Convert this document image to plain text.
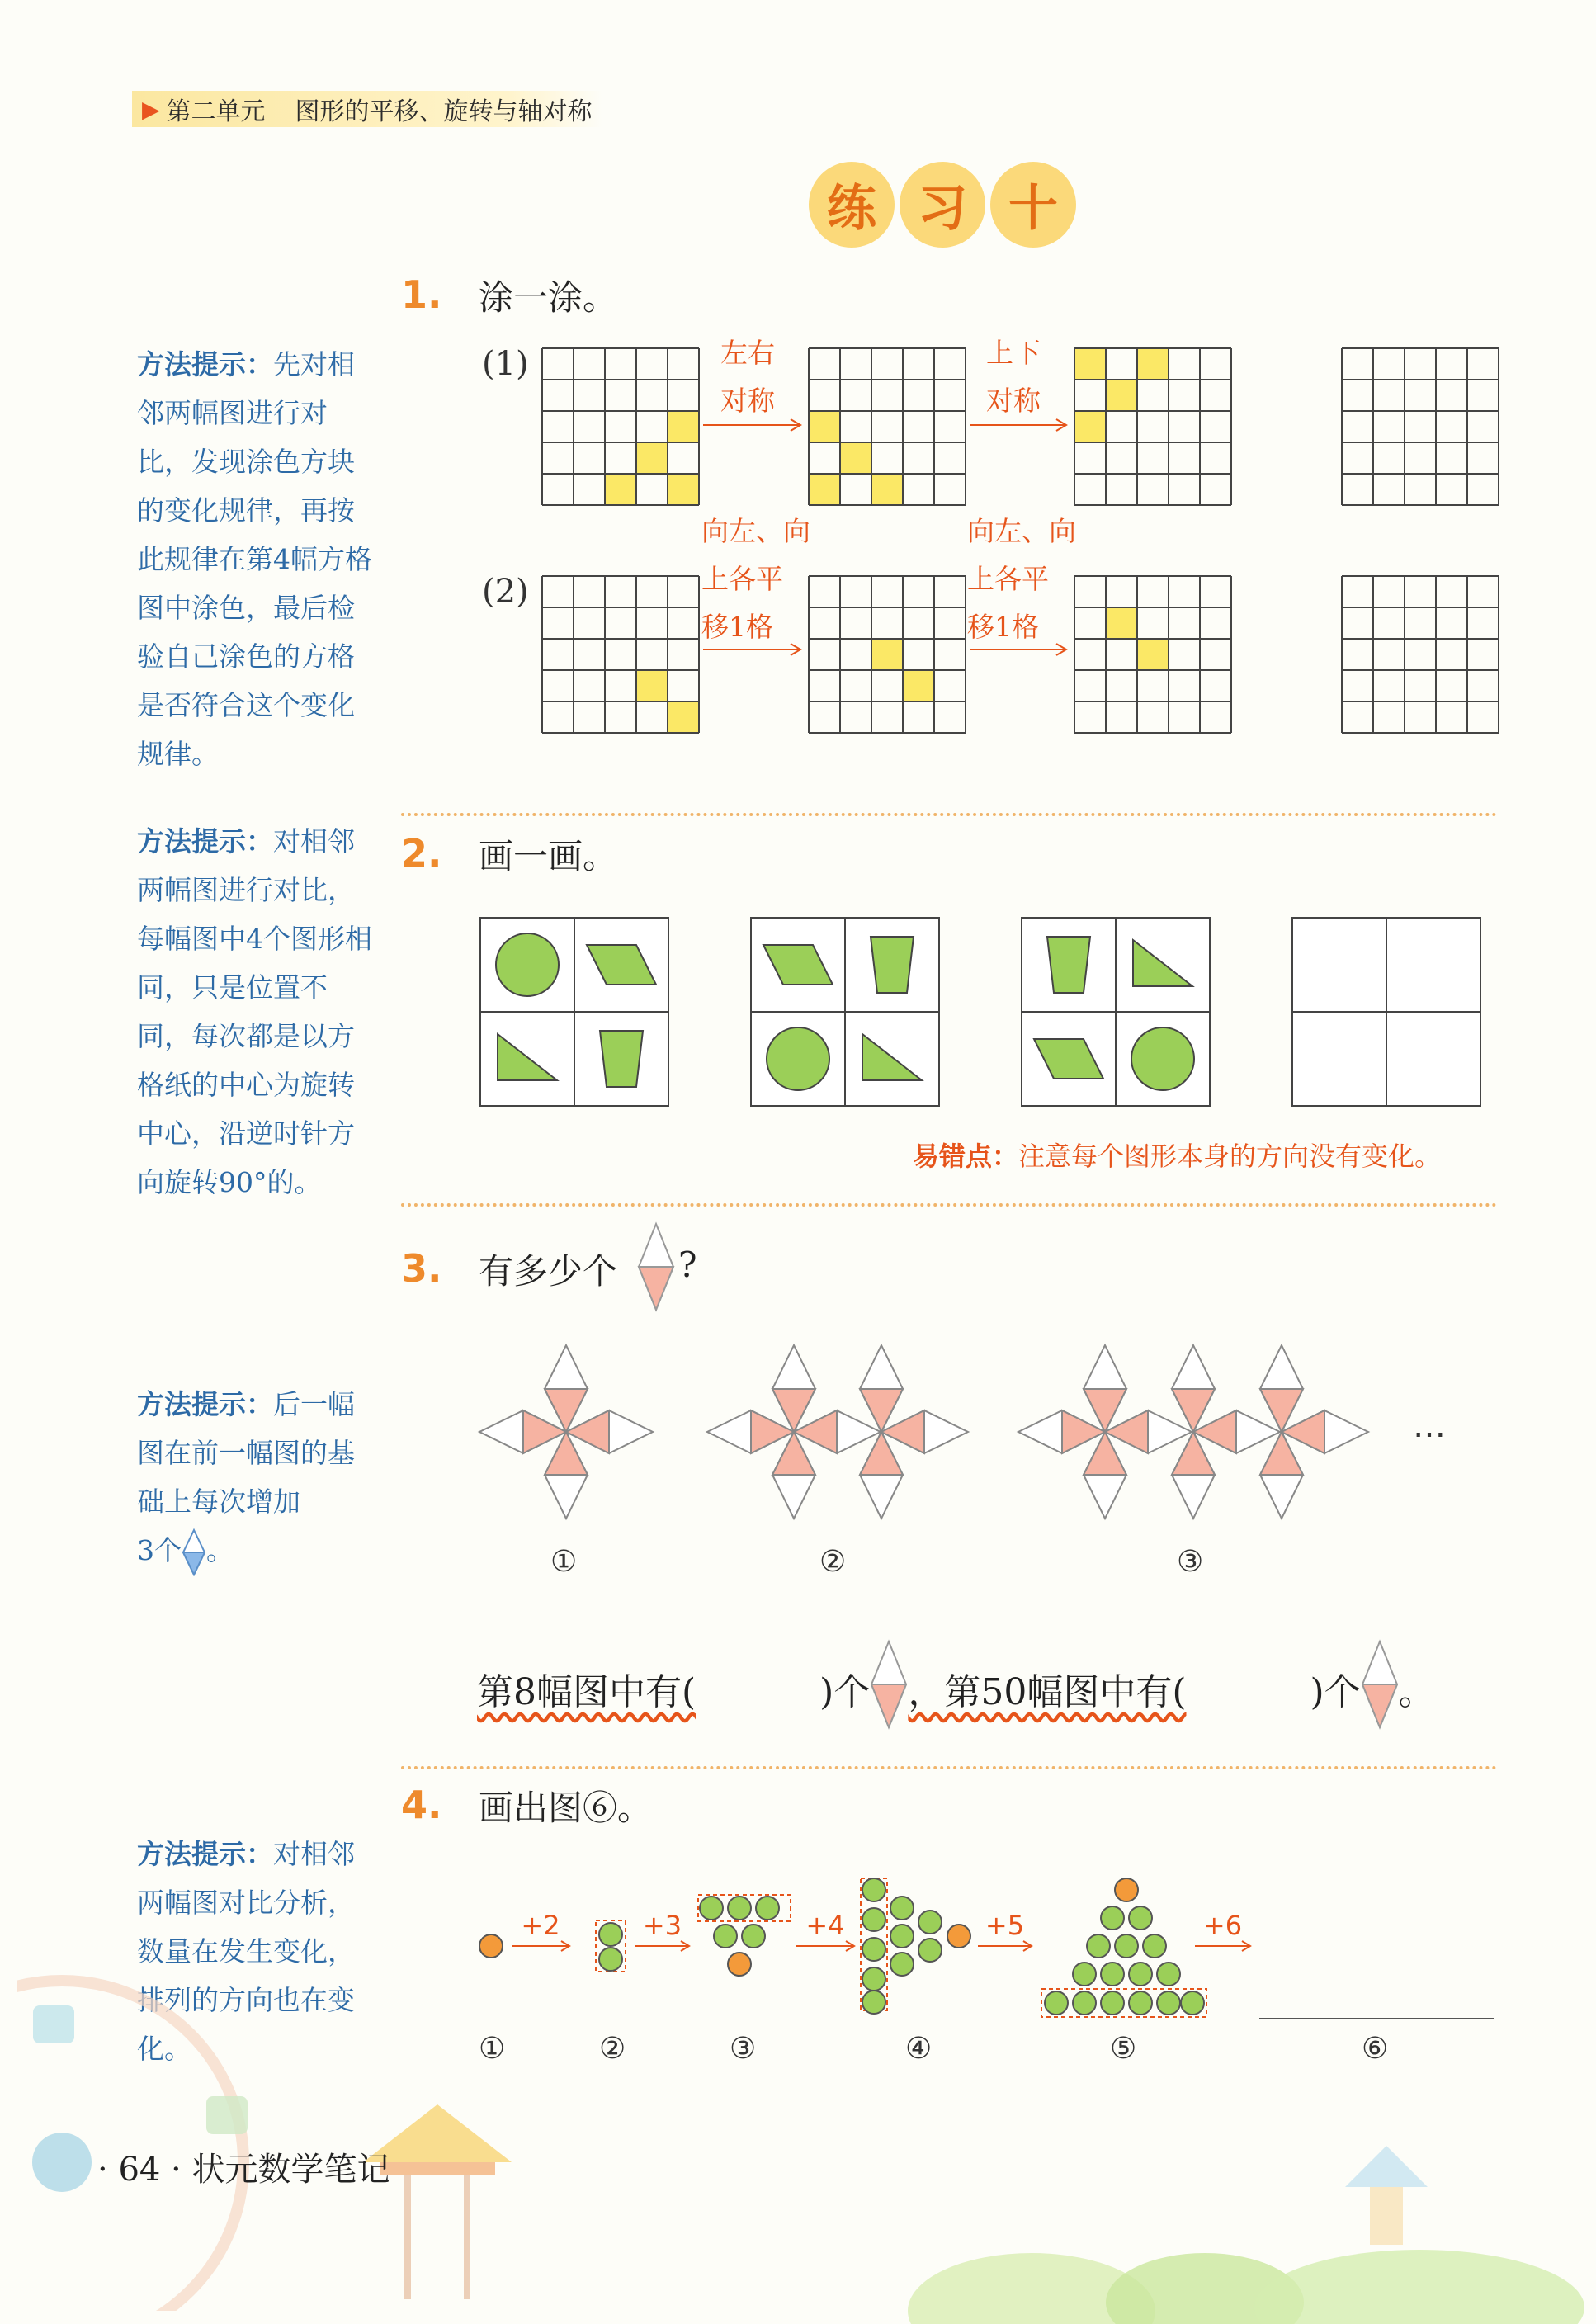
▶ 第二单元 图形的平移、旋转与轴对称
练 习 十
1. 涂一涂。
方法提示：先对相邻两幅图进行对比，发现涂色方块的变化规律，再按此规律在第4幅方格图中涂色，最后检验自己涂色的方格是否符合这个变化规律。
(1)
(2)
左右
对称
上下
对称
向左、向
上各平
移1格
向左、向
上各平
移1格
2. 画一画。
方法提示：对相邻两幅图进行对比，每幅图中4个图形相同，只是位置不同，每次都是以方格纸的中心为旋转中心，沿逆时针方向旋转90°的。
易错点：注意每个图形本身的方向没有变化。
3. 有多少个 ?
方法提示：后一幅图在前一幅图的基础上每次增加
3个 。
…
①	②	③
第8幅图中有(	)个 ，第50幅图中有(	)个 。
4. 画出图⑥。
方法提示：对相邻两幅图对比分析，数量在发生变化，排列的方向也在变化。
+2	+3	+4	+5	+6
①	②	③	④	⑤	⑥
· 64 · 状元数学笔记
